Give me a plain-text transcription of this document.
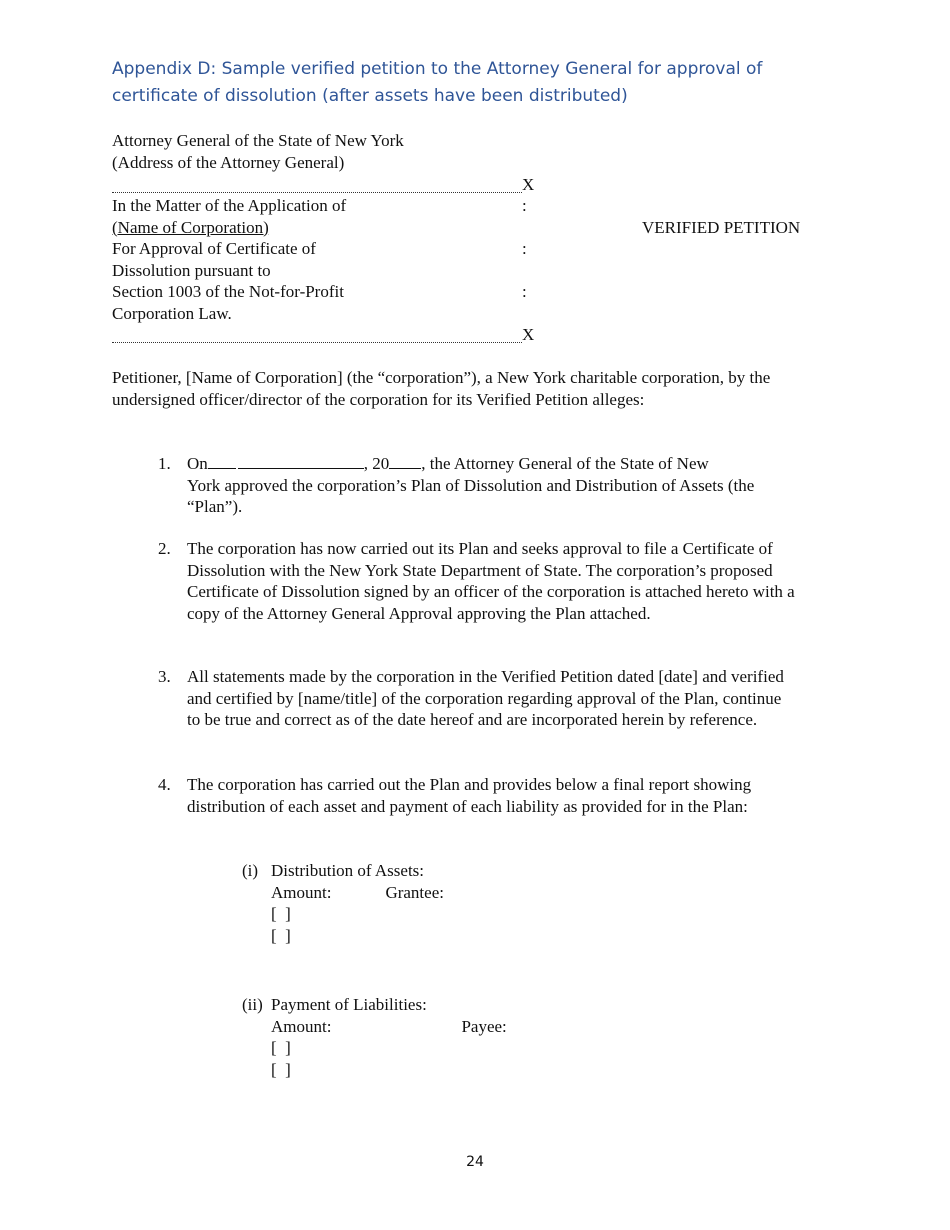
Appendix D: Sample verified petition to the Attorney General for approval of certificate of dissolution (after assets have been distributed)
Attorney General of the State of New York
(Address of the Attorney General)
X
In the Matter of the Application of
(Name of Corporation)
For Approval of Certificate of
Dissolution pursuant to
Section 1003 of the Not-for-Profit
Corporation Law.
:
:
:
VERIFIED PETITION
X
Petitioner, [Name of Corporation] (the “corporation”), a New York charitable corporation, by the undersigned officer/director of the corporation for its Verified Petition alleges:
1. On	, 20 , the Attorney General of the State of New
York approved the corporation’s Plan of Dissolution and Distribution of Assets (the “Plan”).
2. The corporation has now carried out its Plan and seeks approval to file a Certificate of Dissolution with the New York State Department of State. The corporation’s proposed Certificate of Dissolution signed by an officer of the corporation is attached hereto with a copy of the Attorney General Approval approving the Plan attached.
3. All statements made by the corporation in the Verified Petition dated [date] and verified and certified by [name/title] of the corporation regarding approval of the Plan, continue to be true and correct as of the date hereof and are incorporated herein by reference.
4. The corporation has carried out the Plan and provides below a final report showing distribution of each asset and payment of each liability as provided for in the Plan:
(i) Distribution of Assets:
Amount:	Grantee:
[  ]
[  ]
(ii) Payment of Liabilities:
Amount:	Payee:
[  ]
[  ]
24
